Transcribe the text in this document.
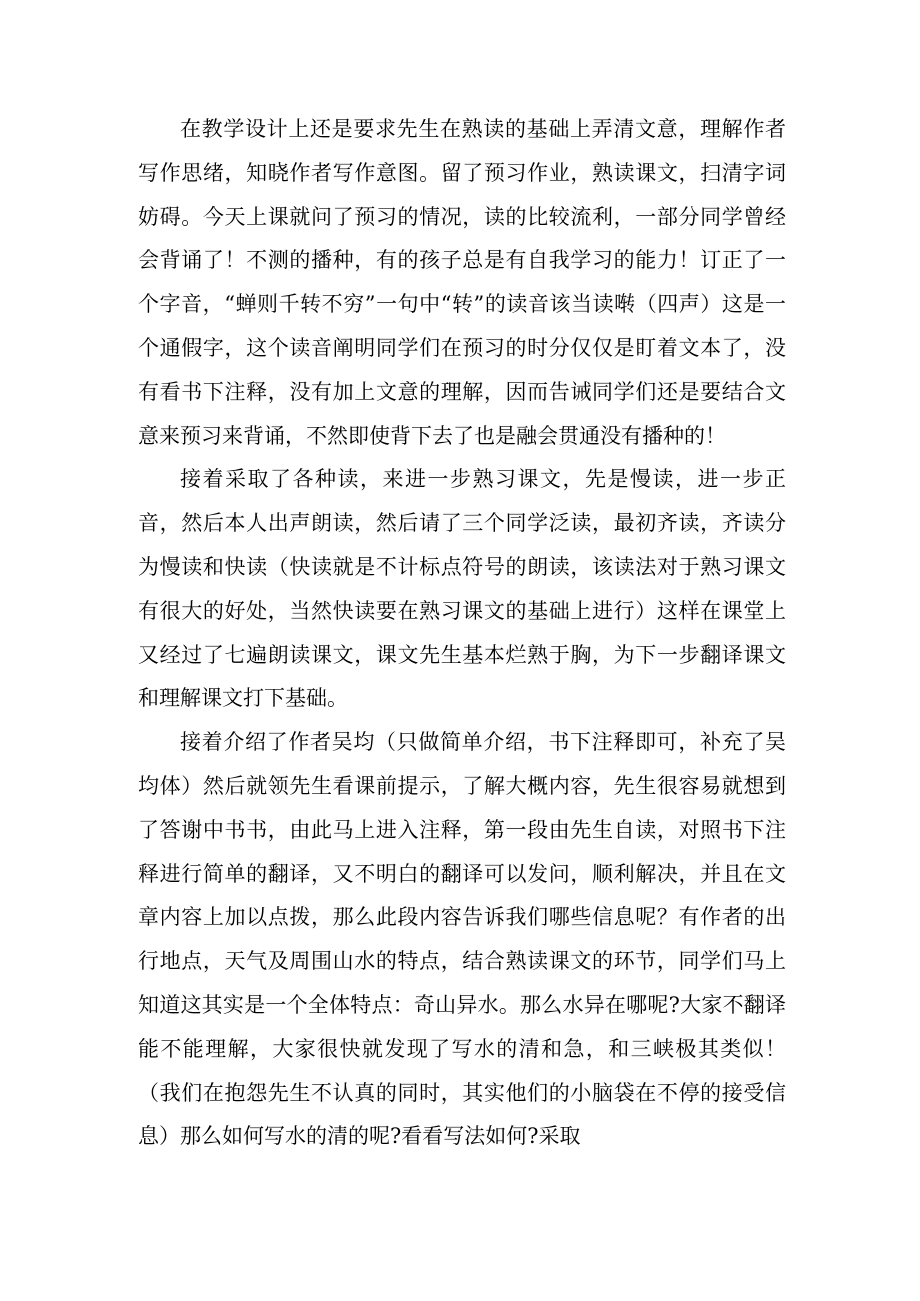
在教学设计上还是要求先生在熟读的基础上弄清文意，理解作者写作思绪，知晓作者写作意图。留了预习作业，熟读课文，扫清字词妨碍。今天上课就问了预习的情况，读的比较流利，一部分同学曾经会背诵了！不测的播种，有的孩子总是有自我学习的能力！订正了一个字音，“蝉则千转不穷”一句中“转”的读音该当读啭（四声）这是一个通假字，这个读音阐明同学们在预习的时分仅仅是盯着文本了，没有看书下注释，没有加上文意的理解，因而告诫同学们还是要结合文意来预习来背诵，不然即使背下去了也是融会贯通没有播种的！

接着采取了各种读，来进一步熟习课文，先是慢读，进一步正音，然后本人出声朗读，然后请了三个同学泛读，最初齐读，齐读分为慢读和快读（快读就是不计标点符号的朗读，该读法对于熟习课文有很大的好处，当然快读要在熟习课文的基础上进行）这样在课堂上又经过了七遍朗读课文，课文先生基本烂熟于胸，为下一步翻译课文和理解课文打下基础。

接着介绍了作者吴均（只做简单介绍，书下注释即可，补充了吴均体）然后就领先生看课前提示，了解大概内容，先生很容易就想到了答谢中书书，由此马上进入注释，第一段由先生自读，对照书下注释进行简单的翻译，又不明白的翻译可以发问，顺利解决，并且在文章内容上加以点拨，那么此段内容告诉我们哪些信息呢？有作者的出行地点，天气及周围山水的特点，结合熟读课文的环节，同学们马上知道这其实是一个全体特点：奇山异水。那么水异在哪呢?大家不翻译能不能理解，大家很快就发现了写水的清和急，和三峡极其类似！（我们在抱怨先生不认真的同时，其实他们的小脑袋在不停的接受信息）那么如何写水的清的呢?看看写法如何?采取
